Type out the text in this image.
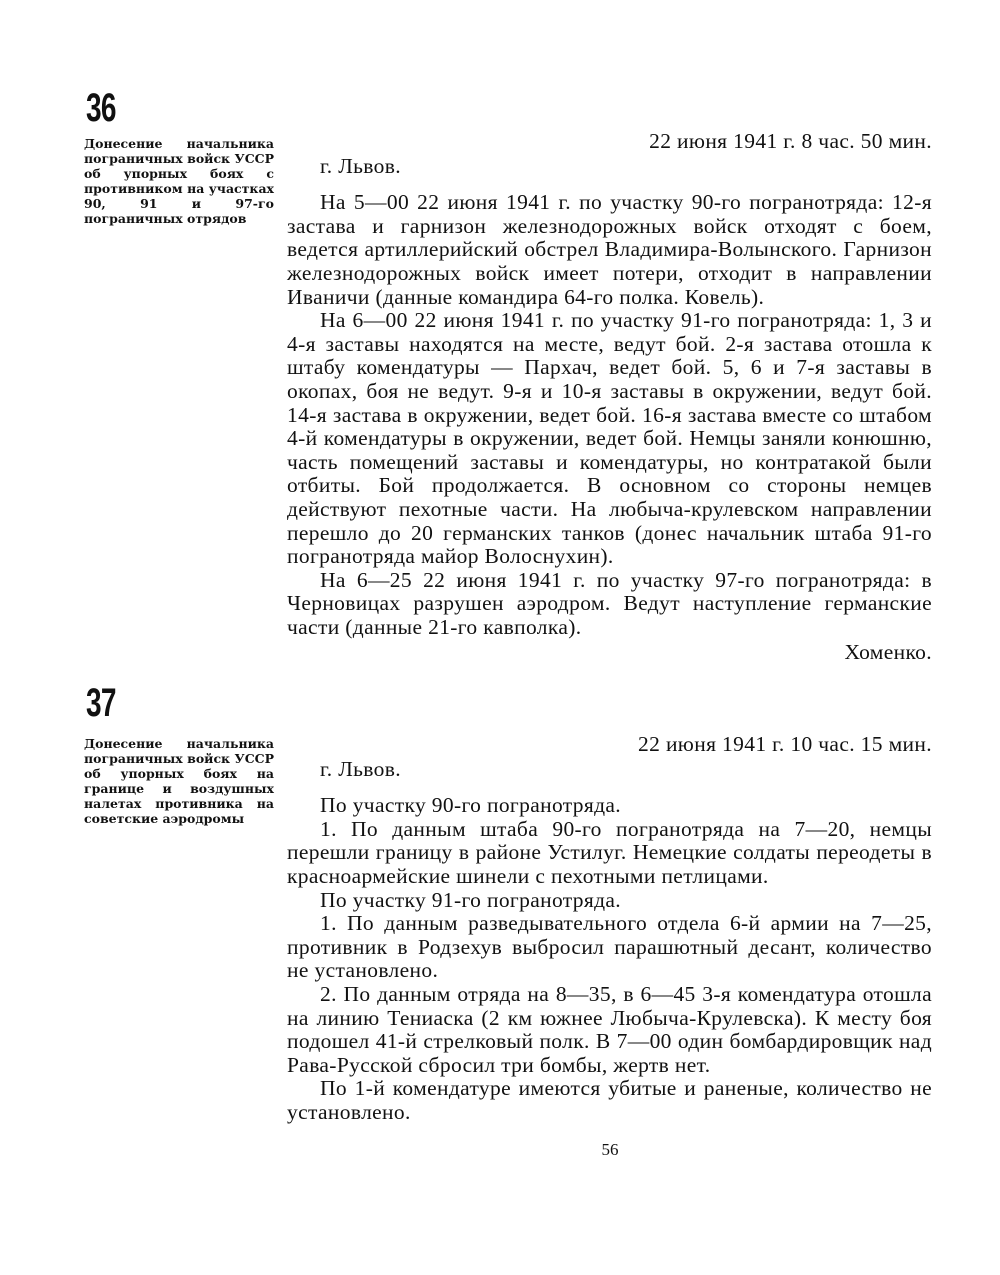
36
Донесение начальника пограничных войск УССР об упорных боях с противником на участках 90, 91 и 97-го пограничных отрядов

22 июня 1941 г. 8 час. 50 мин.

г. Львов.

На 5—00 22 июня 1941 г. по участку 90-го погранотряда: 12-я застава и гарнизон железнодорожных войск отходят с боем, ведется артиллерийский обстрел Владимира-Волынского. Гарнизон железнодорожных войск имеет потери, отходит в направлении Иваничи (данные командира 64-го полка. Ковель).

На 6—00 22 июня 1941 г. по участку 91-го погранотряда: 1, 3 и 4-я заставы находятся на месте, ведут бой. 2-я застава отошла к штабу комендатуры — Пархач, ведет бой. 5, 6 и 7-я заставы в окопах, боя не ведут. 9-я и 10-я заставы в окружении, ведут бой. 14-я застава в окружении, ведет бой. 16-я застава вместе со штабом 4-й комендатуры в окружении, ведет бой. Немцы заняли конюшню, часть помещений заставы и комендатуры, но контратакой были отбиты. Бой продолжается. В основном со стороны немцев действуют пехотные части. На любыча-крулевском направлении перешло до 20 германских танков (донес начальник штаба 91-го погранотряда майор Волоснухин).

На 6—25 22 июня 1941 г. по участку 97-го погранотряда: в Черновицах разрушен аэродром. Ведут наступление германские части (данные 21-го кавполка).

Хоменко.

37
Донесение начальника пограничных войск УССР об упорных боях на границе и воздушных налетах противника на советские аэродромы

22 июня 1941 г. 10 час. 15 мин.

г. Львов.

По участку 90-го погранотряда.

1. По данным штаба 90-го погранотряда на 7—20, немцы перешли границу в районе Устилуг. Немецкие солдаты переодеты в красноармейские шинели с пехотными петлицами.

По участку 91-го погранотряда.

1. По данным разведывательного отдела 6-й армии на 7—25, противник в Родзехув выбросил парашютный десант, количество не установлено.

2. По данным отряда на 8—35, в 6—45 3-я комендатура отошла на линию Тениаска (2 км южнее Любыча-Крулевска). К месту боя подошел 41-й стрелковый полк. В 7—00 один бомбардировщик над Рава-Русской сбросил три бомбы, жертв нет.

По 1-й комендатуре имеются убитые и раненые, количество не установлено.

56
